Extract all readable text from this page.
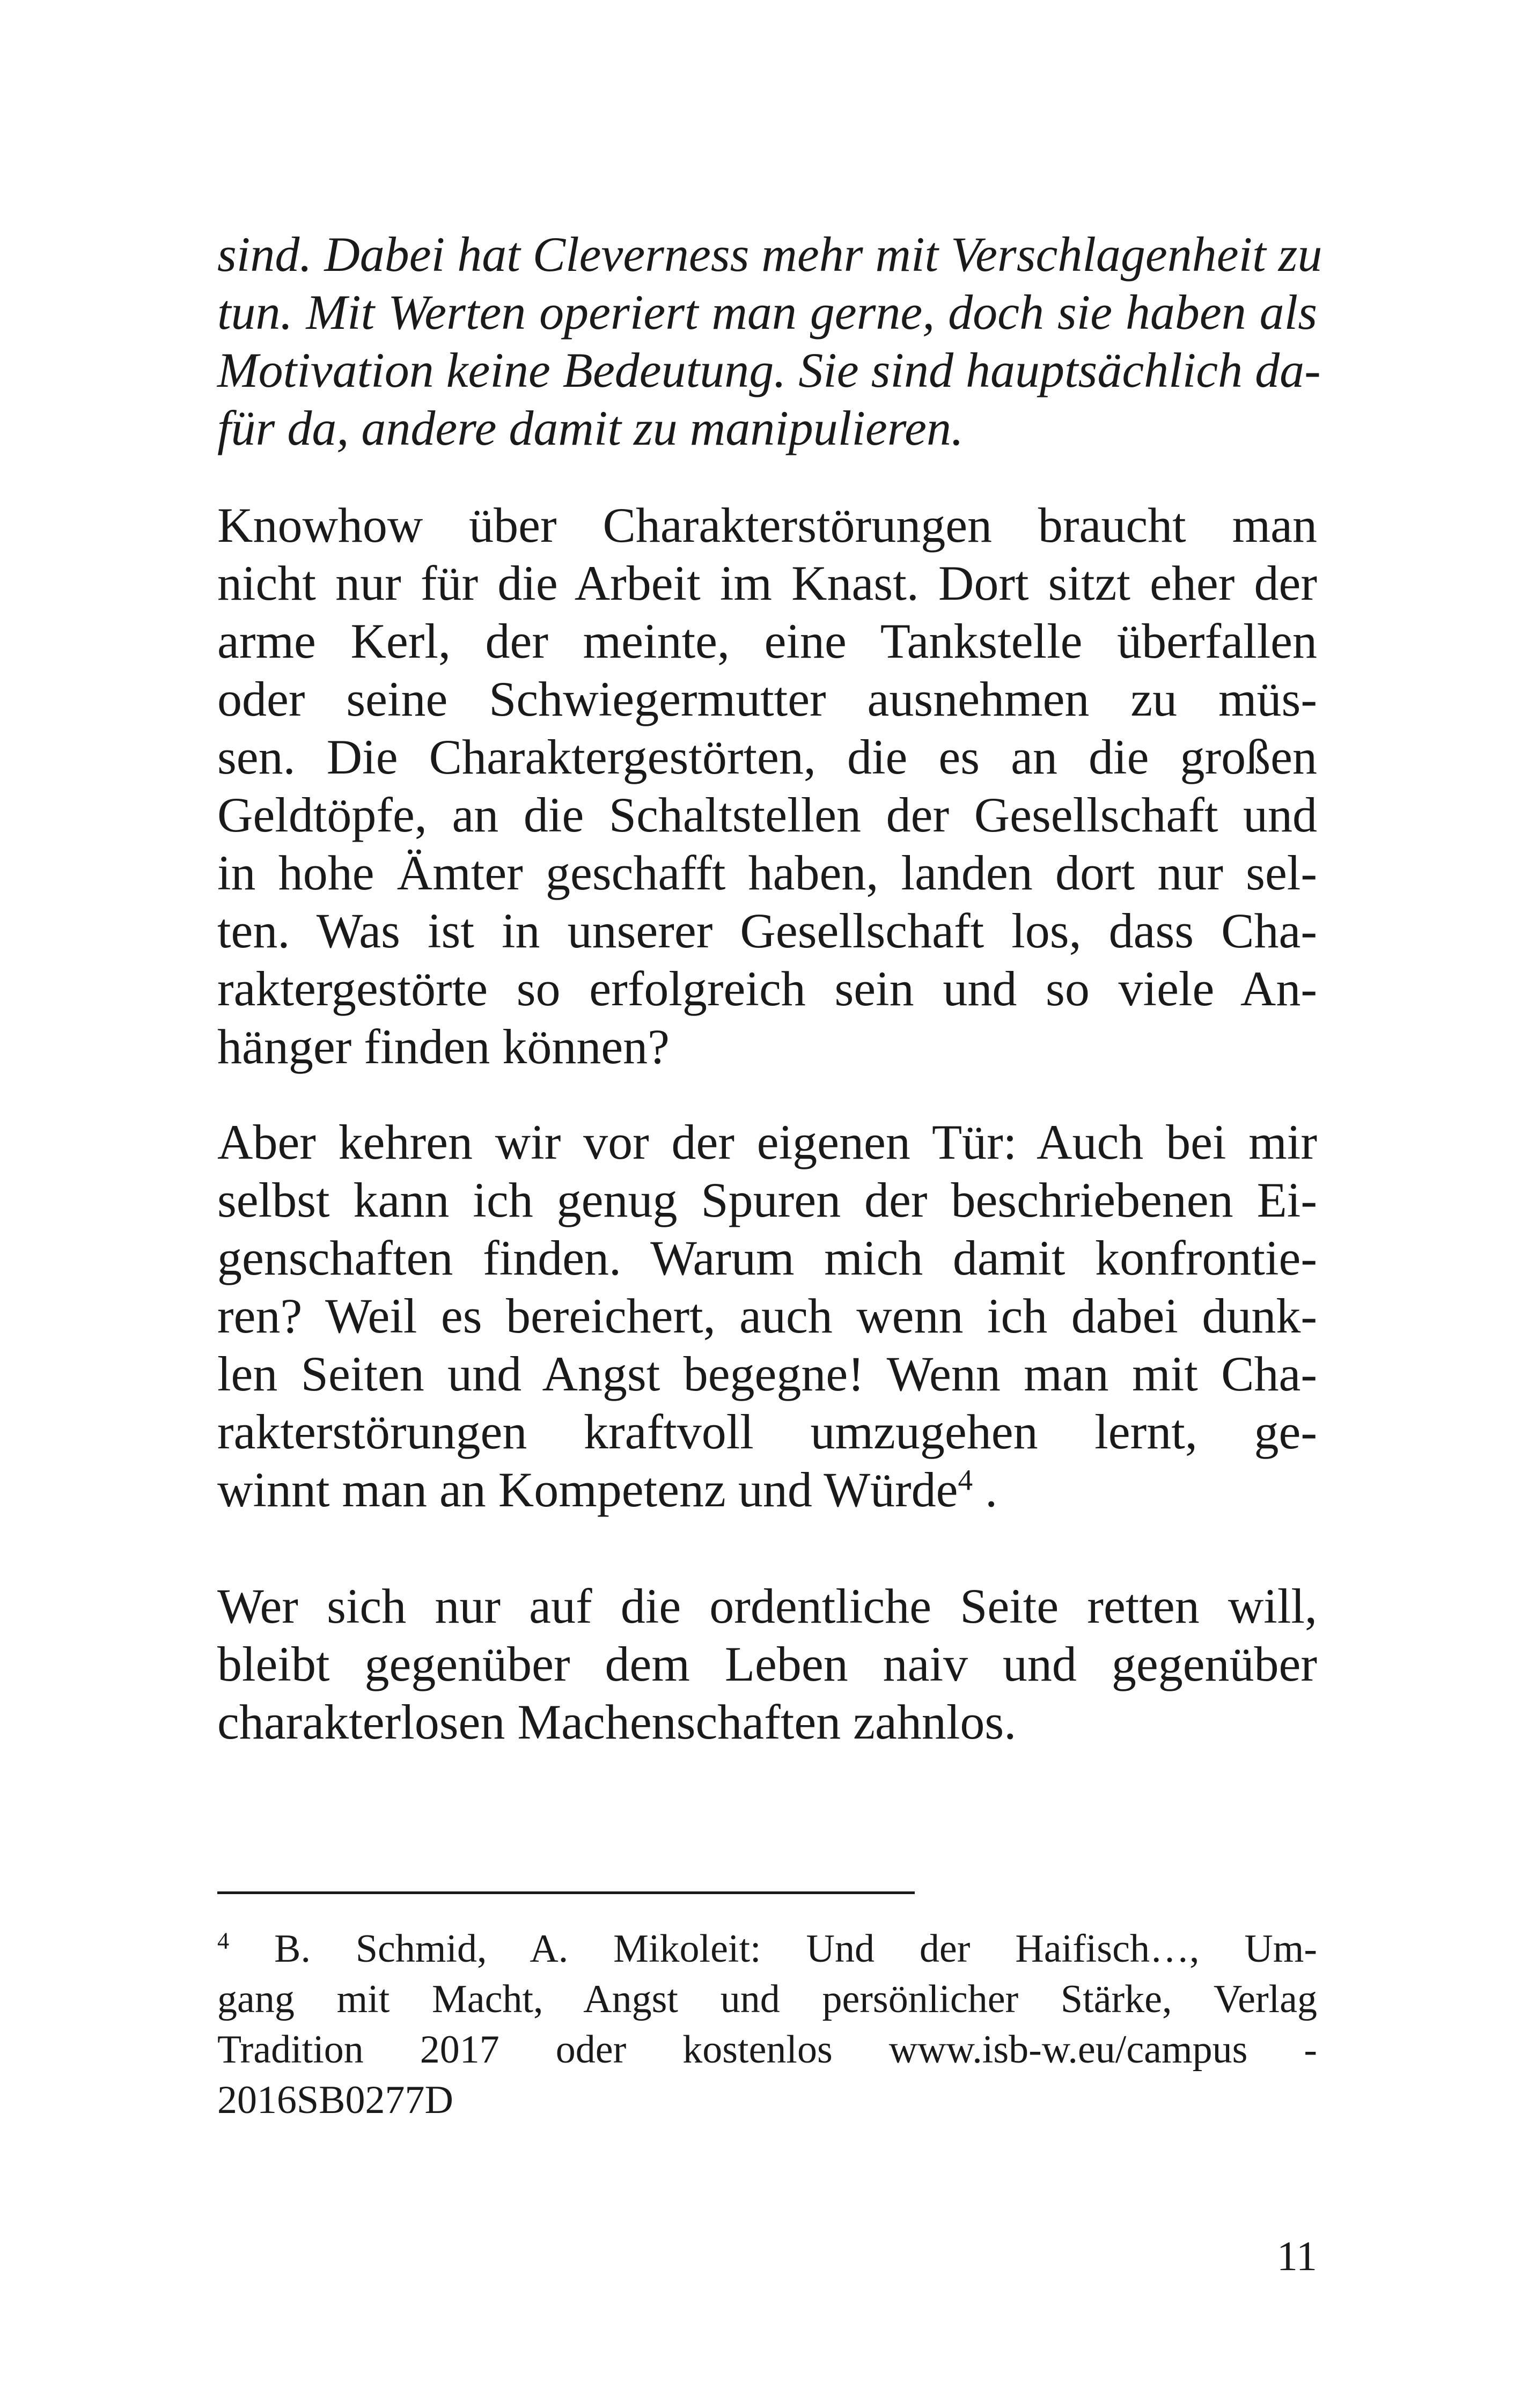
sind. Dabei hat Cleverness mehr mit Verschlagenheit zu
tun. Mit Werten operiert man gerne, doch sie haben als
Motivation keine Bedeutung. Sie sind hauptsächlich da-
für da, andere damit zu manipulieren.
Knowhow über Charakterstörungen braucht man
nicht nur für die Arbeit im Knast. Dort sitzt eher der
arme Kerl, der meinte, eine Tankstelle überfallen
oder seine Schwiegermutter ausnehmen zu müs-
sen. Die Charaktergestörten, die es an die großen
Geldtöpfe, an die Schaltstellen der Gesellschaft und
in hohe Ämter geschafft haben, landen dort nur sel-
ten. Was ist in unserer Gesellschaft los, dass Cha-
raktergestörte so erfolgreich sein und so viele An-
hänger finden können?
Aber kehren wir vor der eigenen Tür: Auch bei mir
selbst kann ich genug Spuren der beschriebenen Ei-
genschaften finden. Warum mich damit konfrontie-
ren? Weil es bereichert, auch wenn ich dabei dunk-
len Seiten und Angst begegne! Wenn man mit Cha-
rakterstörungen kraftvoll umzugehen lernt, ge-
winnt man an Kompetenz und Würde$^4$ .
Wer sich nur auf die ordentliche Seite retten will,
bleibt gegenüber dem Leben naiv und gegenüber
charakterlosen Machenschaften zahnlos.
$^4$ B. Schmid, A. Mikoleit: Und der Haifisch…, Um-
gang mit Macht, Angst und persönlicher Stärke, Verlag
Tradition 2017 oder kostenlos www.isb-w.eu/campus -
2016SB0277D
11
